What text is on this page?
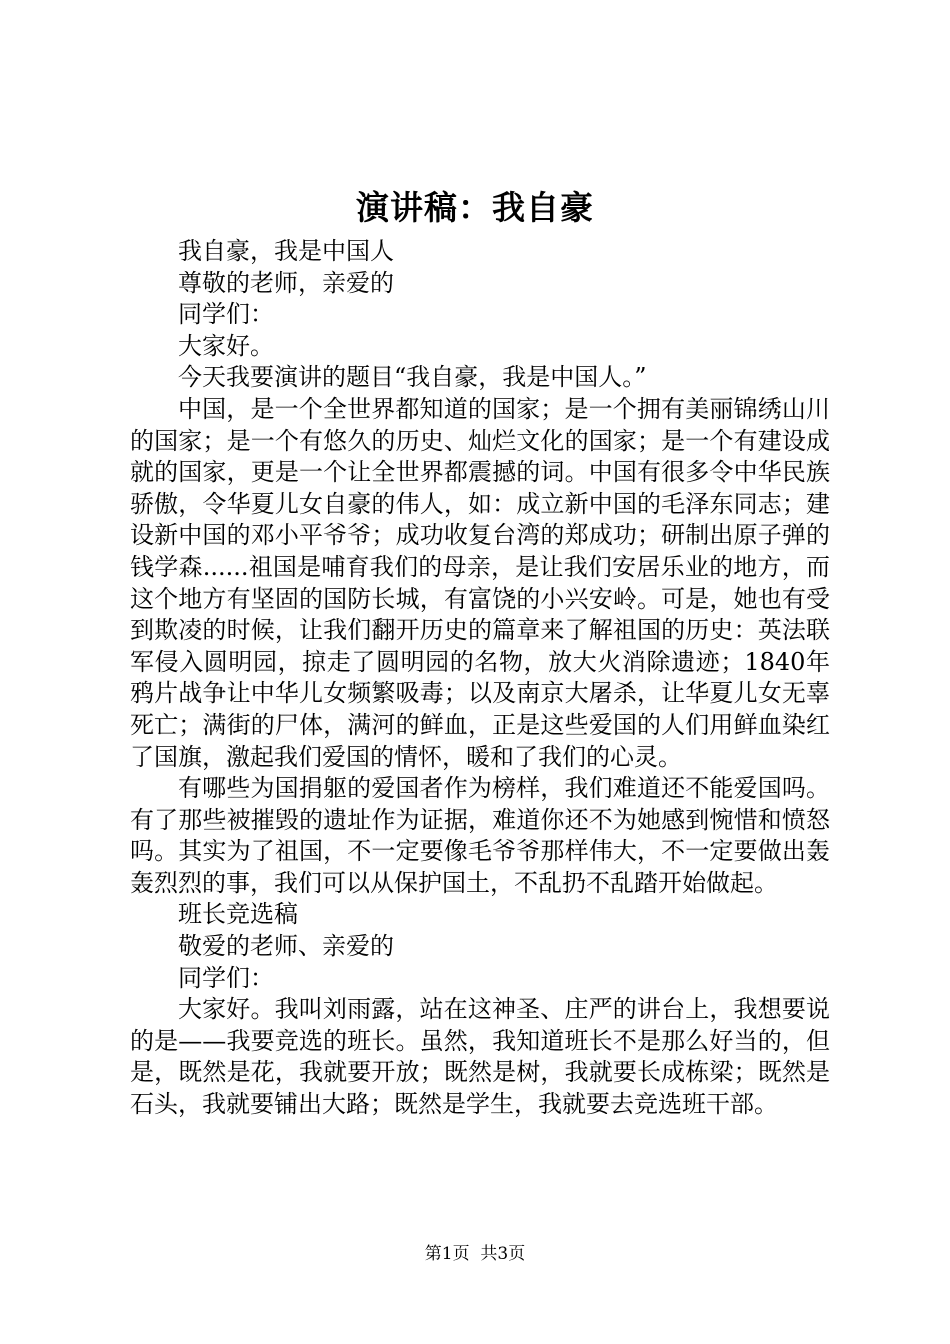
演讲稿：我自豪

我自豪，我是中国人

尊敬的老师，亲爱的

同学们：

大家好。

今天我要演讲的题目“我自豪，我是中国人。”

中国，是一个全世界都知道的国家；是一个拥有美丽锦绣山川的国家；是一个有悠久的历史、灿烂文化的国家；是一个有建设成就的国家，更是一个让全世界都震撼的词。中国有很多令中华民族骄傲，令华夏儿女自豪的伟人，如：成立新中国的毛泽东同志；建设新中国的邓小平爷爷；成功收复台湾的郑成功；研制出原子弹的钱学森......祖国是哺育我们的母亲，是让我们安居乐业的地方，而这个地方有坚固的国防长城，有富饶的小兴安岭。可是，她也有受到欺凌的时候，让我们翻开历史的篇章来了解祖国的历史：英法联军侵入圆明园，掠走了圆明园的名物，放大火消除遗迹；1840年鸦片战争让中华儿女频繁吸毒；以及南京大屠杀，让华夏儿女无辜死亡；满街的尸体，满河的鲜血，正是这些爱国的人们用鲜血染红了国旗，激起我们爱国的情怀，暖和了我们的心灵。

有哪些为国捐躯的爱国者作为榜样，我们难道还不能爱国吗。有了那些被摧毁的遗址作为证据，难道你还不为她感到惋惜和愤怒吗。其实为了祖国，不一定要像毛爷爷那样伟大，不一定要做出轰轰烈烈的事，我们可以从保护国土，不乱扔不乱踏开始做起。

班长竞选稿

敬爱的老师、亲爱的

同学们：

大家好。我叫刘雨露，站在这神圣、庄严的讲台上，我想要说的是——我要竞选的班长。虽然，我知道班长不是那么好当的，但是，既然是花，我就要开放；既然是树，我就要长成栋梁；既然是石头，我就要铺出大路；既然是学生，我就要去竞选班干部。

第1页 共3页
